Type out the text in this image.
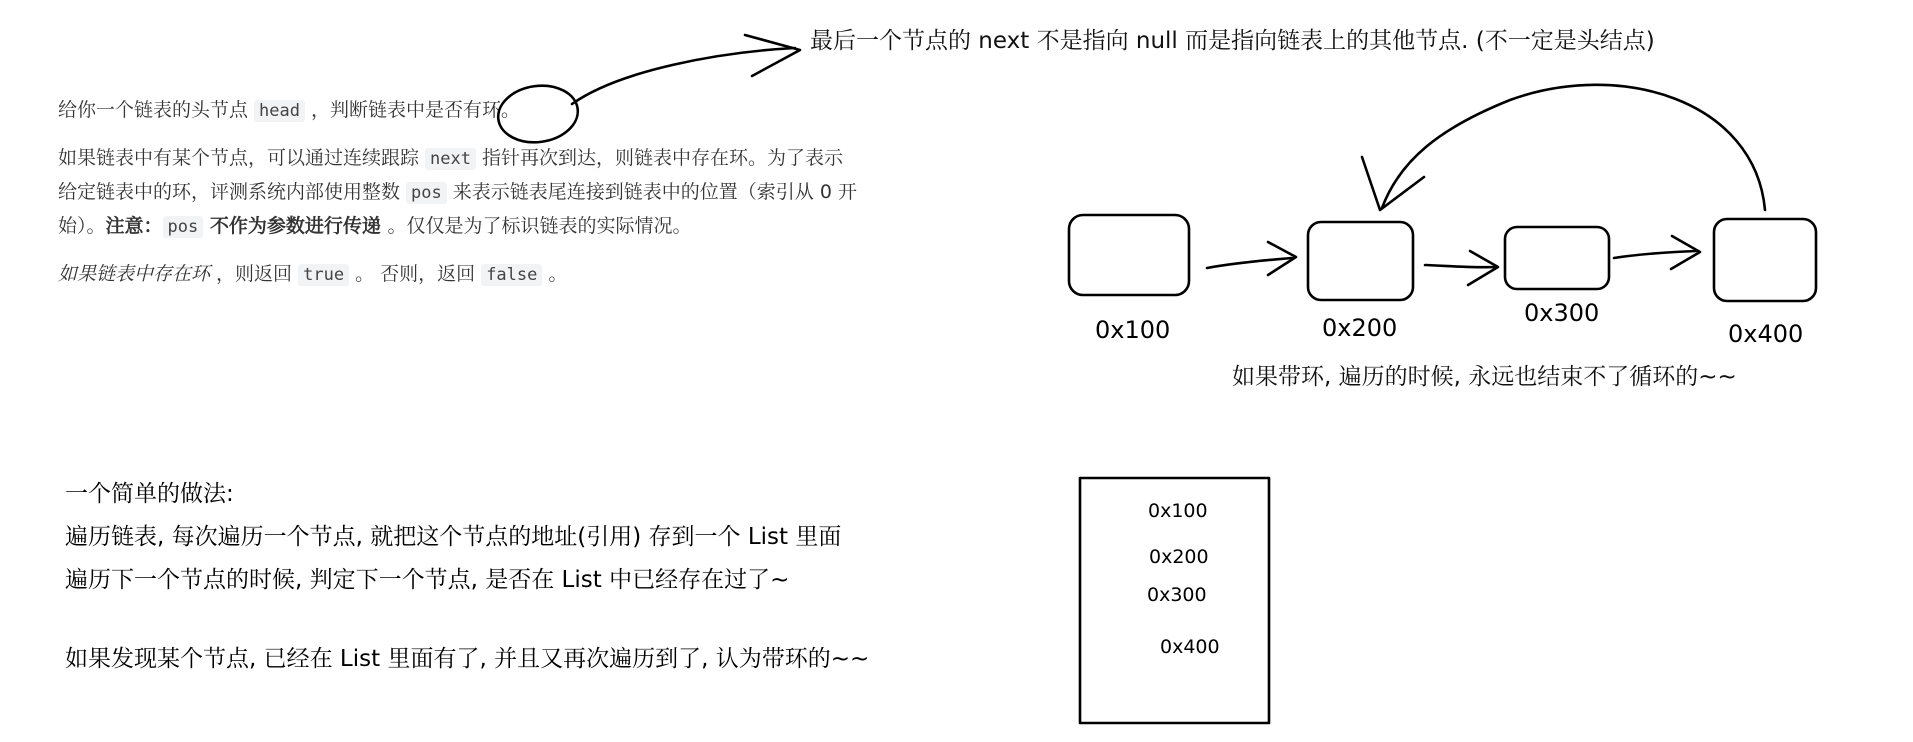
最后一个节点的 next 不是指向 null 而是指向链表上的其他节点. (不一定是头结点)

给你一个链表的头节点 head ，判断链表中是否有环。

如果链表中有某个节点，可以通过连续跟踪 next 指针再次到达，则链表中存在环。为了表示给定链表中的环，评测系统内部使用整数 pos 来表示链表尾连接到链表中的位置（索引从 0 开始）。注意： pos 不作为参数进行传递 。仅仅是为了标识链表的实际情况。

如果链表中存在环 ，则返回 true 。 否则，返回 false 。

0x100	0x200
0x300
0x400
如果带环, 遍历的时候, 永远也结束不了循环的~~
一个简单的做法:
遍历链表, 每次遍历一个节点, 就把这个节点的地址(引用) 存到一个 List 里面
遍历下一个节点的时候, 判定下一个节点, 是否在 List 中已经存在过了~
如果发现某个节点, 已经在 List 里面有了, 并且又再次遍历到了, 认为带环的~~
0x100
0x200
0x300
0x400
